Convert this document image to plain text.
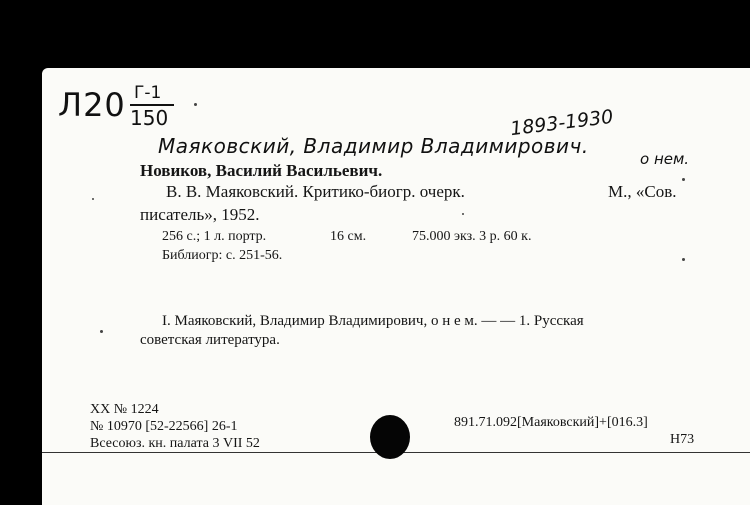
Л20 Г-1
150	1893-1930
Маяковский, Владимир Владимирович.
о нем.
Новиков, Василий Васильевич.
В. В. Маяковский. Критико-биогр. очерк.	М., «Сов.
писатель», 1952.
256 с.; 1 л. портр.	16 см.	75.000 экз. 3 р. 60 к.
Библиогр: с. 251-56.
I. Маяковский, Владимир Владимирович, о н е м. — — 1. Русская
советская литература.
XX № 1224
№ 10970 [52-22566] 26-1
Всесоюз. кн. палата 3 VII 52
891.71.092[Маяковский]+[016.3]
Н73
